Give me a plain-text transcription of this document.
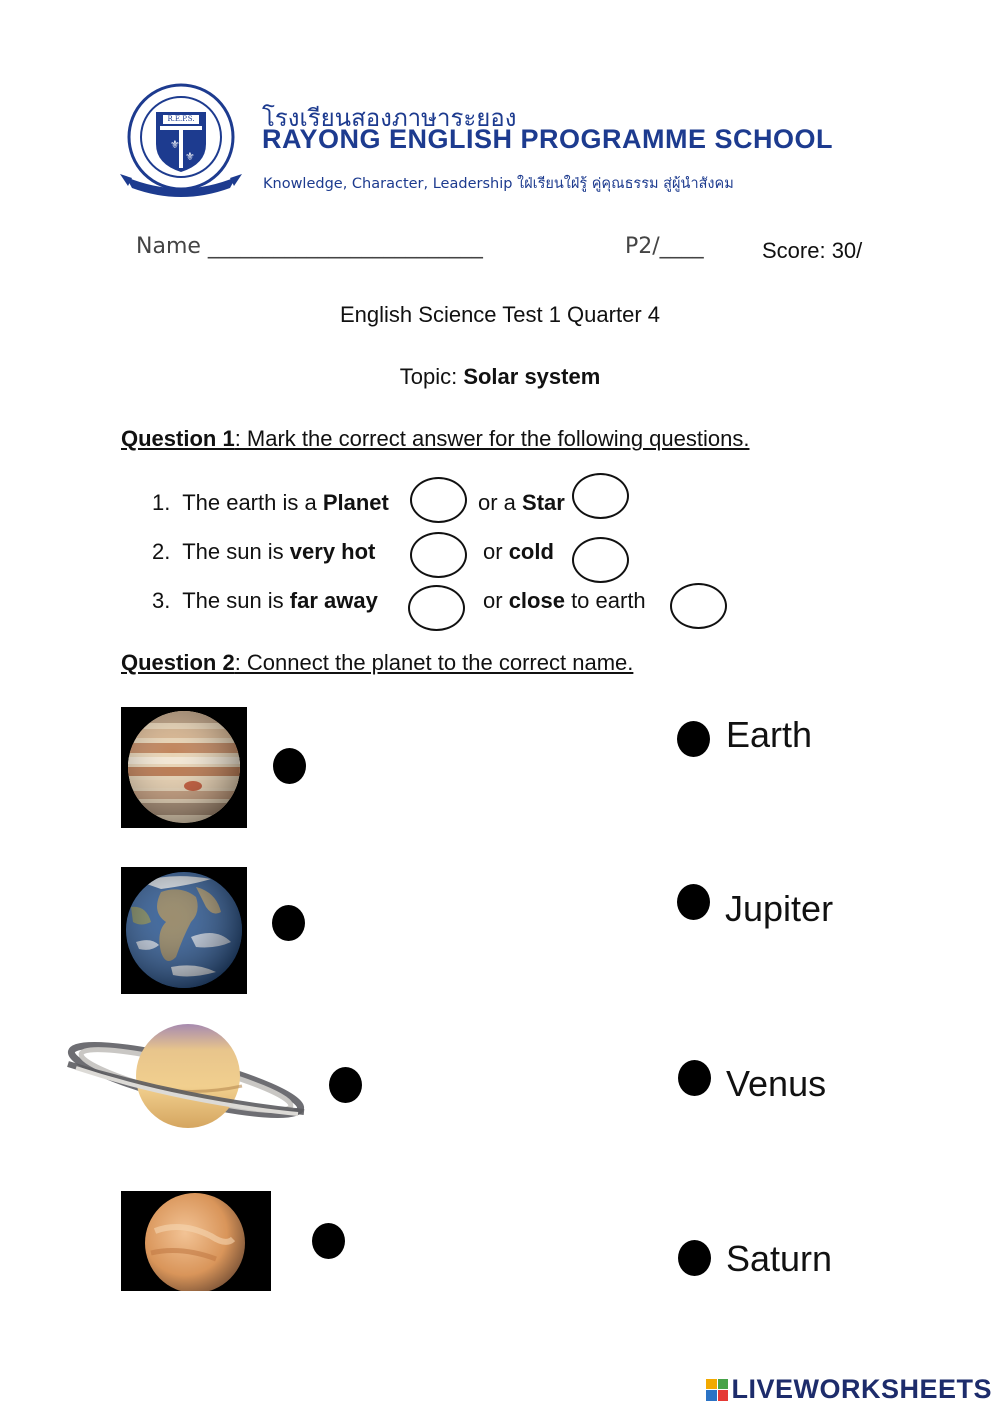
⚜
⚜
R.E.P.S.	โรงเรียนสองภาษาระยอง
RAYONG ENGLISH PROGRAMME SCHOOL
Knowledge, Character, Leadership ใฝ่เรียนใฝ่รู้ คู่คุณธรรม สู่ผู้นำสังคม
Name _________________________	P2/____	Score: 30/
English Science Test 1 Quarter 4
Topic: Solar system
Question 1: Mark the correct answer for the following questions.
1. The earth is a Planet	or a Star
2. The sun is very hot	or cold
3. The sun is far away	or close to earth
Question 2: Connect the planet to the correct name.
Earth
Jupiter
Venus
Saturn
LIVEWORKSHEETS
